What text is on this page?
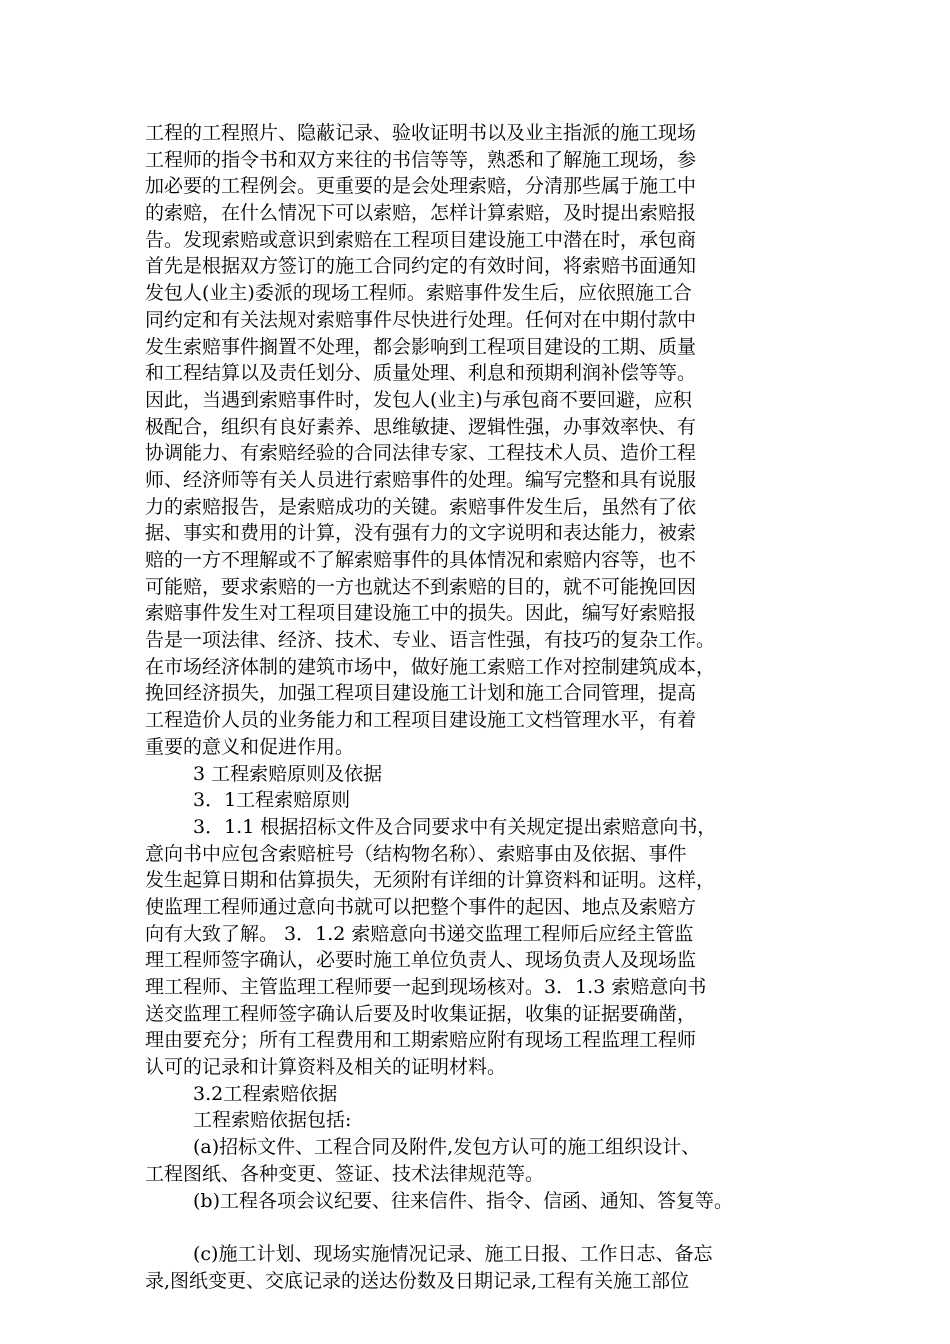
工程的工程照片、隐蔽记录、验收证明书以及业主指派的施工现场
工程师的指令书和双方来往的书信等等，熟悉和了解施工现场，参
加必要的工程例会。更重要的是会处理索赔，分清那些属于施工中
的索赔，在什么情况下可以索赔，怎样计算索赔，及时提出索赔报
告。发现索赔或意识到索赔在工程项目建设施工中潜在时，承包商
首先是根据双方签订的施工合同约定的有效时间，将索赔书面通知
发包人(业主)委派的现场工程师。索赔事件发生后，应依照施工合
同约定和有关法规对索赔事件尽快进行处理。任何对在中期付款中
发生索赔事件搁置不处理，都会影响到工程项目建设的工期、质量
和工程结算以及责任划分、质量处理、利息和预期利润补偿等等。
因此，当遇到索赔事件时，发包人(业主)与承包商不要回避，应积
极配合，组织有良好素养、思维敏捷、逻辑性强，办事效率快、有
协调能力、有索赔经验的合同法律专家、工程技术人员、造价工程
师、经济师等有关人员进行索赔事件的处理。编写完整和具有说服
力的索赔报告，是索赔成功的关键。索赔事件发生后，虽然有了依
据、事实和费用的计算，没有强有力的文字说明和表达能力，被索
赔的一方不理解或不了解索赔事件的具体情况和索赔内容等，也不
可能赔，要求索赔的一方也就达不到索赔的目的，就不可能挽回因
索赔事件发生对工程项目建设施工中的损失。因此，编写好索赔报
告是一项法律、经济、技术、专业、语言性强，有技巧的复杂工作。
在市场经济体制的建筑市场中，做好施工索赔工作对控制建筑成本，
挽回经济损失，加强工程项目建设施工计划和施工合同管理，提高
工程造价人员的业务能力和工程项目建设施工文档管理水平，有着
重要的意义和促进作用。
3 工程索赔原则及依据
3．1工程索赔原则
3．1.1 根据招标文件及合同要求中有关规定提出索赔意向书，
意向书中应包含索赔桩号（结构物名称）、索赔事由及依据、事件
发生起算日期和估算损失，无须附有详细的计算资料和证明。这样，
使监理工程师通过意向书就可以把整个事件的起因、地点及索赔方
向有大致了解。 3．1.2 索赔意向书递交监理工程师后应经主管监
理工程师签字确认，必要时施工单位负责人、现场负责人及现场监
理工程师、主管监理工程师要一起到现场核对。3．1.3 索赔意向书
送交监理工程师签字确认后要及时收集证据，收集的证据要确凿，
理由要充分；所有工程费用和工期索赔应附有现场工程监理工程师
认可的记录和计算资料及相关的证明材料。
3.2工程索赔依据
工程索赔依据包括:
(a)招标文件、工程合同及附件,发包方认可的施工组织设计、
工程图纸、各种变更、签证、技术法律规范等。
(b)工程各项会议纪要、往来信件、指令、信函、通知、答复等。
(c)施工计划、现场实施情况记录、施工日报、工作日志、备忘
录,图纸变更、交底记录的送达份数及日期记录,工程有关施工部位
